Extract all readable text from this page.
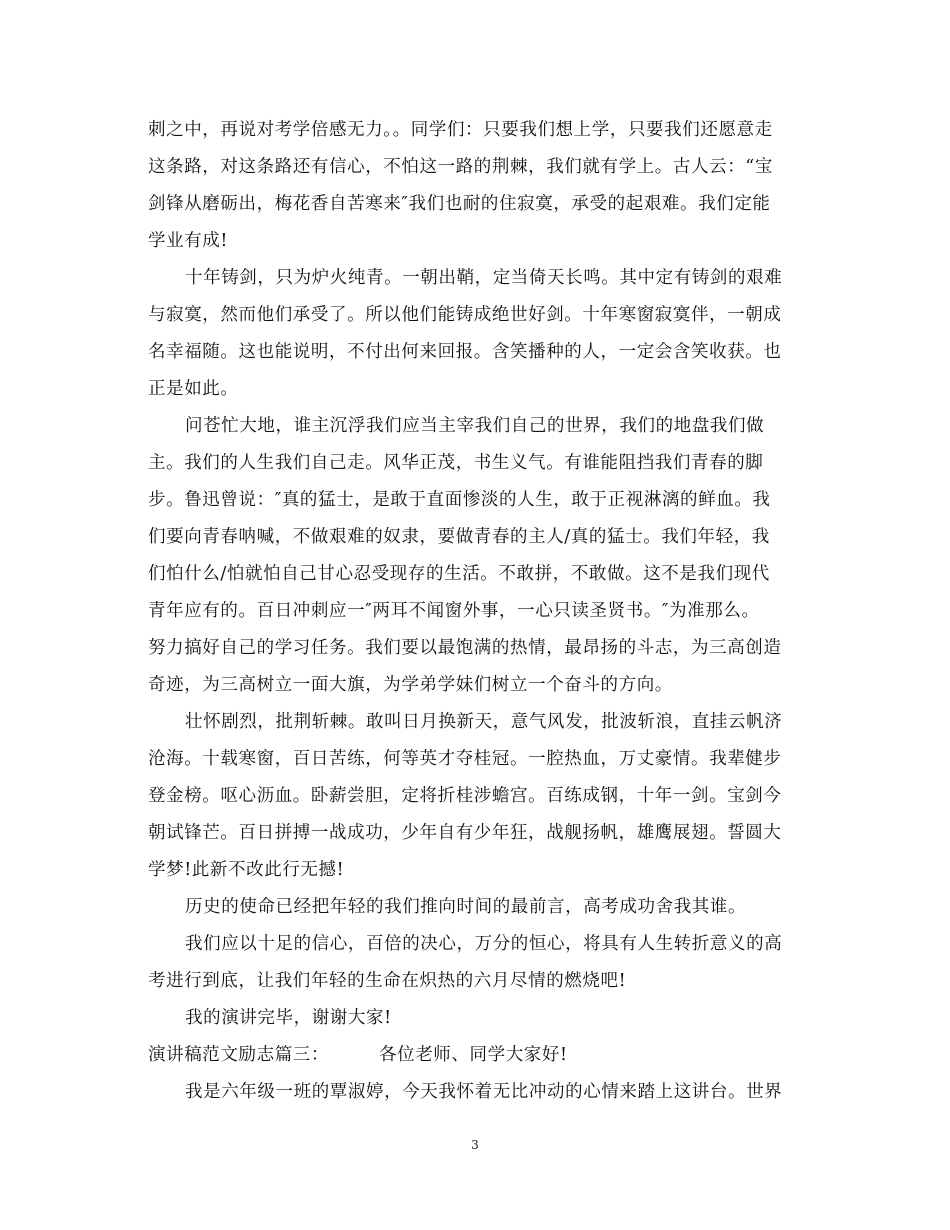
刺之中，再说对考学倍感无力。。同学们：只要我们想上学，只要我们还愿意走
这条路，对这条路还有信心，不怕这一路的荆棘，我们就有学上。古人云：“宝
剑锋从磨砺出，梅花香自苦寒来″我们也耐的住寂寞，承受的起艰难。我们定能
学业有成!
十年铸剑，只为炉火纯青。一朝出鞘，定当倚天长鸣。其中定有铸剑的艰难
与寂寞，然而他们承受了。所以他们能铸成绝世好剑。十年寒窗寂寞伴，一朝成
名幸福随。这也能说明，不付出何来回报。含笑播种的人，一定会含笑收获。也
正是如此。
问苍忙大地，谁主沉浮我们应当主宰我们自己的世界，我们的地盘我们做
主。我们的人生我们自己走。风华正茂，书生义气。有谁能阻挡我们青春的脚
步。鲁迅曾说：″真的猛士，是敢于直面惨淡的人生，敢于正视淋漓的鲜血。我
们要向青春呐喊，不做艰难的奴隶，要做青春的主人/真的猛士。我们年轻，我
们怕什么/怕就怕自己甘心忍受现存的生活。不敢拼，不敢做。这不是我们现代
青年应有的。百日冲刺应一″两耳不闻窗外事，一心只读圣贤书。″为准那么。
努力搞好自己的学习任务。我们要以最饱满的热情，最昂扬的斗志，为三高创造
奇迹，为三高树立一面大旗，为学弟学妹们树立一个奋斗的方向。
壮怀剧烈，批荆斩棘。敢叫日月换新天，意气风发，批波斩浪，直挂云帆济
沧海。十载寒窗，百日苦练，何等英才夺桂冠。一腔热血，万丈豪情。我辈健步
登金榜。呕心沥血。卧薪尝胆，定将折桂涉蟾宫。百练成钢，十年一剑。宝剑今
朝试锋芒。百日拼搏一战成功，少年自有少年狂，战舰扬帆，雄鹰展翅。誓圆大
学梦!此新不改此行无撼!
历史的使命已经把年轻的我们推向时间的最前言，高考成功舍我其谁。
我们应以十足的信心，百倍的决心，万分的恒心，将具有人生转折意义的高
考进行到底，让我们年轻的生命在炽热的六月尽情的燃烧吧!
我的演讲完毕，谢谢大家!
演讲稿范文励志篇三：	各位老师、同学大家好!
我是六年级一班的覃淑婷，今天我怀着无比冲动的心情来踏上这讲台。世界
3
